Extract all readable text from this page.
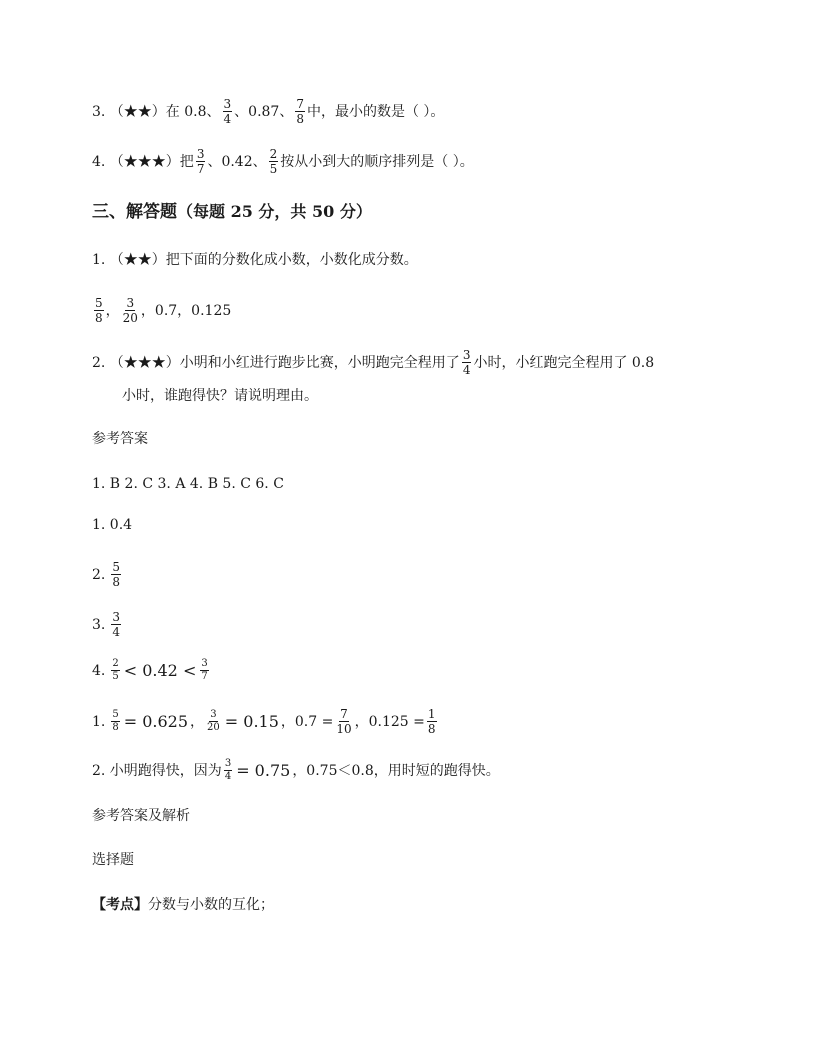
3. （★★）在 0.8、 $\frac{3}{4}$ 、0.87、 $\frac{7}{8}$ 中，最小的数是（ ）。
4. （★★★）把 $\frac{3}{7}$ 、0.42、 $\frac{2}{5}$ 按从小到大的顺序排列是（ ）。
三、解答题 （每题 25 分，共 50 分）
1. （★★）把下面的分数化成小数，小数化成分数。
$\frac{5}{8}$ ， $\frac{3}{20}$ ，0.7，0.125
2. （★★★）小明和小红进行跑步比赛，小明跑完全程用了 $\frac{3}{4}$ 小时，小红跑完全程用了 0.8
小时，谁跑得快？请说明理由。
参考答案
1. B 2. C 3. A 4. B 5. C 6. C
1. 0.4
2. $\frac{5}{8}$
3. $\frac{3}{4}$
4. $\frac{2}{5} < 0.42 < \frac{3}{7}$
1. $\frac{5}{8} = 0.625$ ， $\frac{3}{20} = 0.15$ ，$0.7 = \frac{7}{10}$ ，$0.125 = \frac{1}{8}$
2. 小明跑得快，因为 $\frac{3}{4} = 0.75$ ，0.75＜0.8，用时短的跑得快。
参考答案及解析
选择题
【考点】 分数与小数的互化；
